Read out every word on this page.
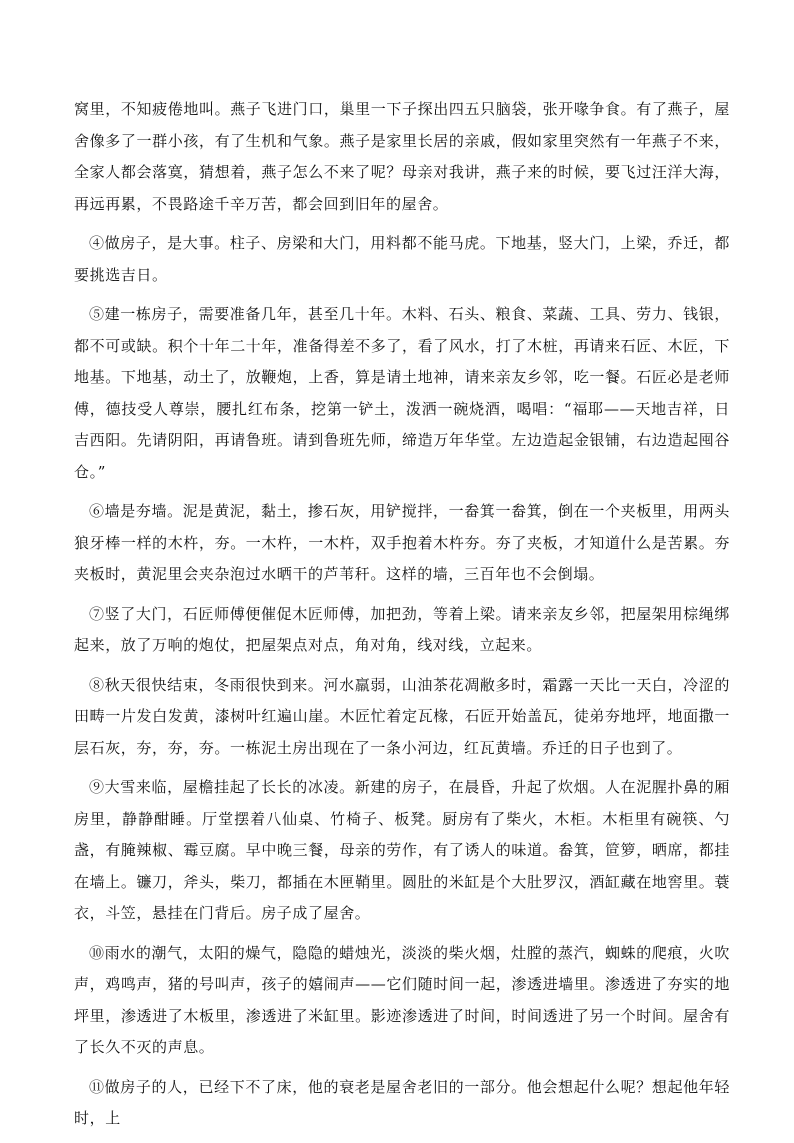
窝里，不知疲倦地叫。燕子飞进门口，巢里一下子探出四五只脑袋，张开喙争食。有了燕子，屋舍像多了一群小孩，有了生机和气象。燕子是家里长居的亲戚，假如家里突然有一年燕子不来，全家人都会落寞，猜想着，燕子怎么不来了呢？母亲对我讲，燕子来的时候，要飞过汪洋大海，再远再累，不畏路途千辛万苦，都会回到旧年的屋舍。

④做房子，是大事。柱子、房梁和大门，用料都不能马虎。下地基，竖大门，上梁，乔迁，都要挑选吉日。

⑤建一栋房子，需要准备几年，甚至几十年。木料、石头、粮食、菜蔬、工具、劳力、钱银，都不可或缺。积个十年二十年，准备得差不多了，看了风水，打了木桩，再请来石匠、木匠，下地基。下地基，动土了，放鞭炮，上香，算是请土地神，请来亲友乡邻，吃一餐。石匠必是老师傅，德技受人尊崇，腰扎红布条，挖第一铲土，泼洒一碗烧酒，喝唱：“福耶——天地吉祥，日吉西阳。先请阴阳，再请鲁班。请到鲁班先师，缔造万年华堂。左边造起金银铺，右边造起囤谷仓。”

⑥墙是夯墙。泥是黄泥，黏土，掺石灰，用铲搅拌，一畚箕一畚箕，倒在一个夹板里，用两头狼牙棒一样的木杵，夯。一木杵，一木杵，双手抱着木杵夯。夯了夹板，才知道什么是苦累。夯夹板时，黄泥里会夹杂泡过水晒干的芦苇秆。这样的墙，三百年也不会倒塌。

⑦竖了大门，石匠师傅便催促木匠师傅，加把劲，等着上梁。请来亲友乡邻，把屋架用棕绳绑起来，放了万响的炮仗，把屋架点对点，角对角，线对线，立起来。

⑧秋天很快结束，冬雨很快到来。河水羸弱，山油茶花凋敝多时，霜露一天比一天白，冷涩的田畴一片发白发黄，漆树叶红遍山崖。木匠忙着定瓦椽，石匠开始盖瓦，徒弟夯地坪，地面撒一层石灰，夯，夯，夯。一栋泥土房出现在了一条小河边，红瓦黄墙。乔迁的日子也到了。

⑨大雪来临，屋檐挂起了长长的冰凌。新建的房子，在晨昏，升起了炊烟。人在泥腥扑鼻的厢房里，静静酣睡。厅堂摆着八仙桌、竹椅子、板凳。厨房有了柴火，木柜。木柜里有碗筷、勺盏，有腌辣椒、霉豆腐。早中晚三餐，母亲的劳作，有了诱人的味道。畚箕，笸箩，晒席，都挂在墙上。镰刀，斧头，柴刀，都插在木匣鞘里。圆肚的米缸是个大肚罗汉，酒缸藏在地窖里。蓑衣，斗笠，悬挂在门背后。房子成了屋舍。

⑩雨水的潮气，太阳的燥气，隐隐的蜡烛光，淡淡的柴火烟，灶膛的蒸汽，蜘蛛的爬痕，火吹声，鸡鸣声，猪的号叫声，孩子的嬉闹声——它们随时间一起，渗透进墙里。渗透进了夯实的地坪里，渗透进了木板里，渗透进了米缸里。影迹渗透进了时间，时间透进了另一个时间。屋舍有了长久不灭的声息。

⑪做房子的人，已经下不了床，他的衰老是屋舍老旧的一部分。他会想起什么呢？想起他年轻时，上
